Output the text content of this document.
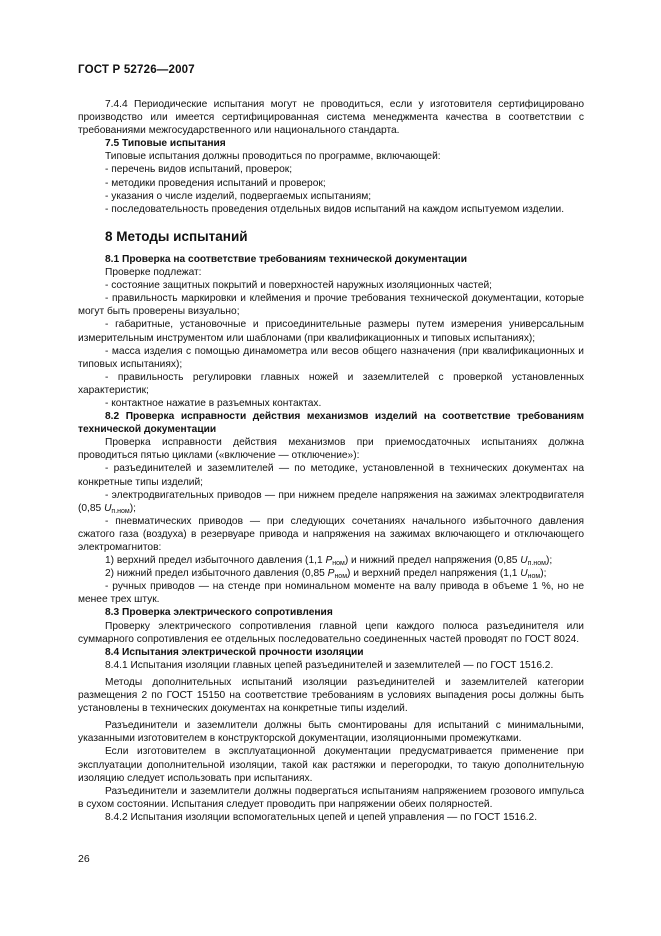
ГОСТ Р 52726—2007

7.4.4 Периодические испытания могут не проводиться, если у изготовителя сертифицировано производство или имеется сертифицированная система менеджмента качества в соответствии с требованиями межгосударственного или национального стандарта.

7.5 Типовые испытания

Типовые испытания должны проводиться по программе, включающей:

- перечень видов испытаний, проверок;

- методики проведения испытаний и проверок;

- указания о числе изделий, подвергаемых испытаниям;

- последовательность проведения отдельных видов испытаний на каждом испытуемом изделии.

8 Методы испытаний

8.1 Проверка на соответствие требованиям технической документации

Проверке подлежат:

- состояние защитных покрытий и поверхностей наружных изоляционных частей;

- правильность маркировки и клеймения и прочие требования технической документации, которые могут быть проверены визуально;

- габаритные, установочные и присоединительные размеры путем измерения универсальным измерительным инструментом или шаблонами (при квалификационных и типовых испытаниях);

- масса изделия с помощью динамометра или весов общего назначения (при квалификационных и типовых испытаниях);

- правильность регулировки главных ножей и заземлителей с проверкой установленных характеристик;

- контактное нажатие в разъемных контактах.

8.2 Проверка исправности действия механизмов изделий на соответствие требованиям технической документации

Проверка исправности действия механизмов при приемосдаточных испытаниях должна проводиться пятью циклами («включение — отключение»):

- разъединителей и заземлителей — по методике, установленной в технических документах на конкретные типы изделий;

- электродвигательных приводов — при нижнем пределе напряжения на зажимах электродвигателя (0,85 $U_{п.ном}$);

- пневматических приводов — при следующих сочетаниях начального избыточного давления сжатого газа (воздуха) в резервуаре привода и напряжения на зажимах включающего и отключающего электромагнитов:

1) верхний предел избыточного давления (1,1 $P_{ном}$) и нижний предел напряжения (0,85 $U_{п.ном}$);

2) нижний предел избыточного давления (0,85 $P_{ном}$) и верхний предел напряжения (1,1 $U_{ном}$);

- ручных приводов — на стенде при номинальном моменте на валу привода в объеме 1 %, но не менее трех штук.

8.3 Проверка электрического сопротивления

Проверку электрического сопротивления главной цепи каждого полюса разъединителя или суммарного сопротивления ее отдельных последовательно соединенных частей проводят по ГОСТ 8024.

8.4 Испытания электрической прочности изоляции

8.4.1 Испытания изоляции главных цепей разъединителей и заземлителей — по ГОСТ 1516.2.

Методы дополнительных испытаний изоляции разъединителей и заземлителей категории размещения 2 по ГОСТ 15150 на соответствие требованиям в условиях выпадения росы должны быть установлены в технических документах на конкретные типы изделий.

Разъединители и заземлители должны быть смонтированы для испытаний с минимальными, указанными изготовителем в конструкторской документации, изоляционными промежутками.

Если изготовителем в эксплуатационной документации предусматривается применение при эксплуатации дополнительной изоляции, такой как растяжки и перегородки, то такую дополнительную изоляцию следует использовать при испытаниях.

Разъединители и заземлители должны подвергаться испытаниям напряжением грозового импульса в сухом состоянии. Испытания следует проводить при напряжении обеих полярностей.

8.4.2 Испытания изоляции вспомогательных цепей и цепей управления — по ГОСТ 1516.2.

26
